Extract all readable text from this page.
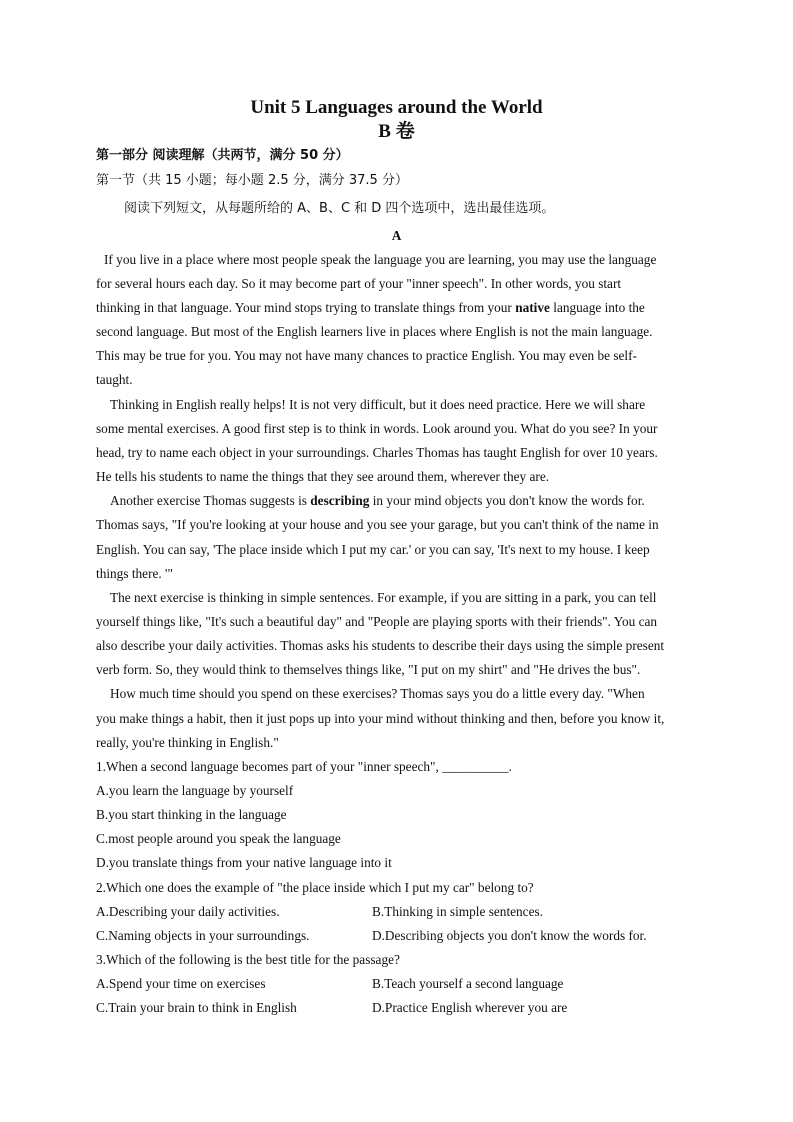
Unit 5 Languages around the World
B 卷
第一部分 阅读理解（共两节，满分 50 分）
第一节（共 15 小题；每小题 2.5 分，满分 37.5 分）
阅读下列短文，从每题所给的 A、B、C 和 D 四个选项中，选出最佳选项。
A
If you live in a place where most people speak the language you are learning, you may use the language
for several hours each day. So it may become part of your "inner speech". In other words, you start
thinking in that language. Your mind stops trying to translate things from your native language into the
second language. But most of the English learners live in places where English is not the main language.
This may be true for you. You may not have many chances to practice English. You may even be self-
taught.
Thinking in English really helps! It is not very difficult, but it does need practice. Here we will share
some mental exercises. A good first step is to think in words. Look around you. What do you see? In your
head, try to name each object in your surroundings. Charles Thomas has taught English for over 10 years.
He tells his students to name the things that they see around them, wherever they are.
Another exercise Thomas suggests is describing in your mind objects you don't know the words for.
Thomas says, "If you're looking at your house and you see your garage, but you can't think of the name in
English. You can say, 'The place inside which I put my car.' or you can say, 'It's next to my house. I keep
things there. '"
The next exercise is thinking in simple sentences. For example, if you are sitting in a park, you can tell
yourself things like, "It's such a beautiful day" and "People are playing sports with their friends". You can
also describe your daily activities. Thomas asks his students to describe their days using the simple present
verb form. So, they would think to themselves things like, "I put on my shirt" and "He drives the bus".
How much time should you spend on these exercises? Thomas says you do a little every day. "When
you make things a habit, then it just pops up into your mind without thinking and then, before you know it,
really, you're thinking in English."
1.When a second language becomes part of your "inner speech", __________.
A.you learn the language by yourself
B.you start thinking in the language
C.most people around you speak the language
D.you translate things from your native language into it
2.Which one does the example of "the place inside which I put my car" belong to?
A.Describing your daily activities.	B.Thinking in simple sentences.
C.Naming objects in your surroundings.	D.Describing objects you don't know the words for.
3.Which of the following is the best title for the passage?
A.Spend your time on exercises	B.Teach yourself a second language
C.Train your brain to think in English	D.Practice English wherever you are
